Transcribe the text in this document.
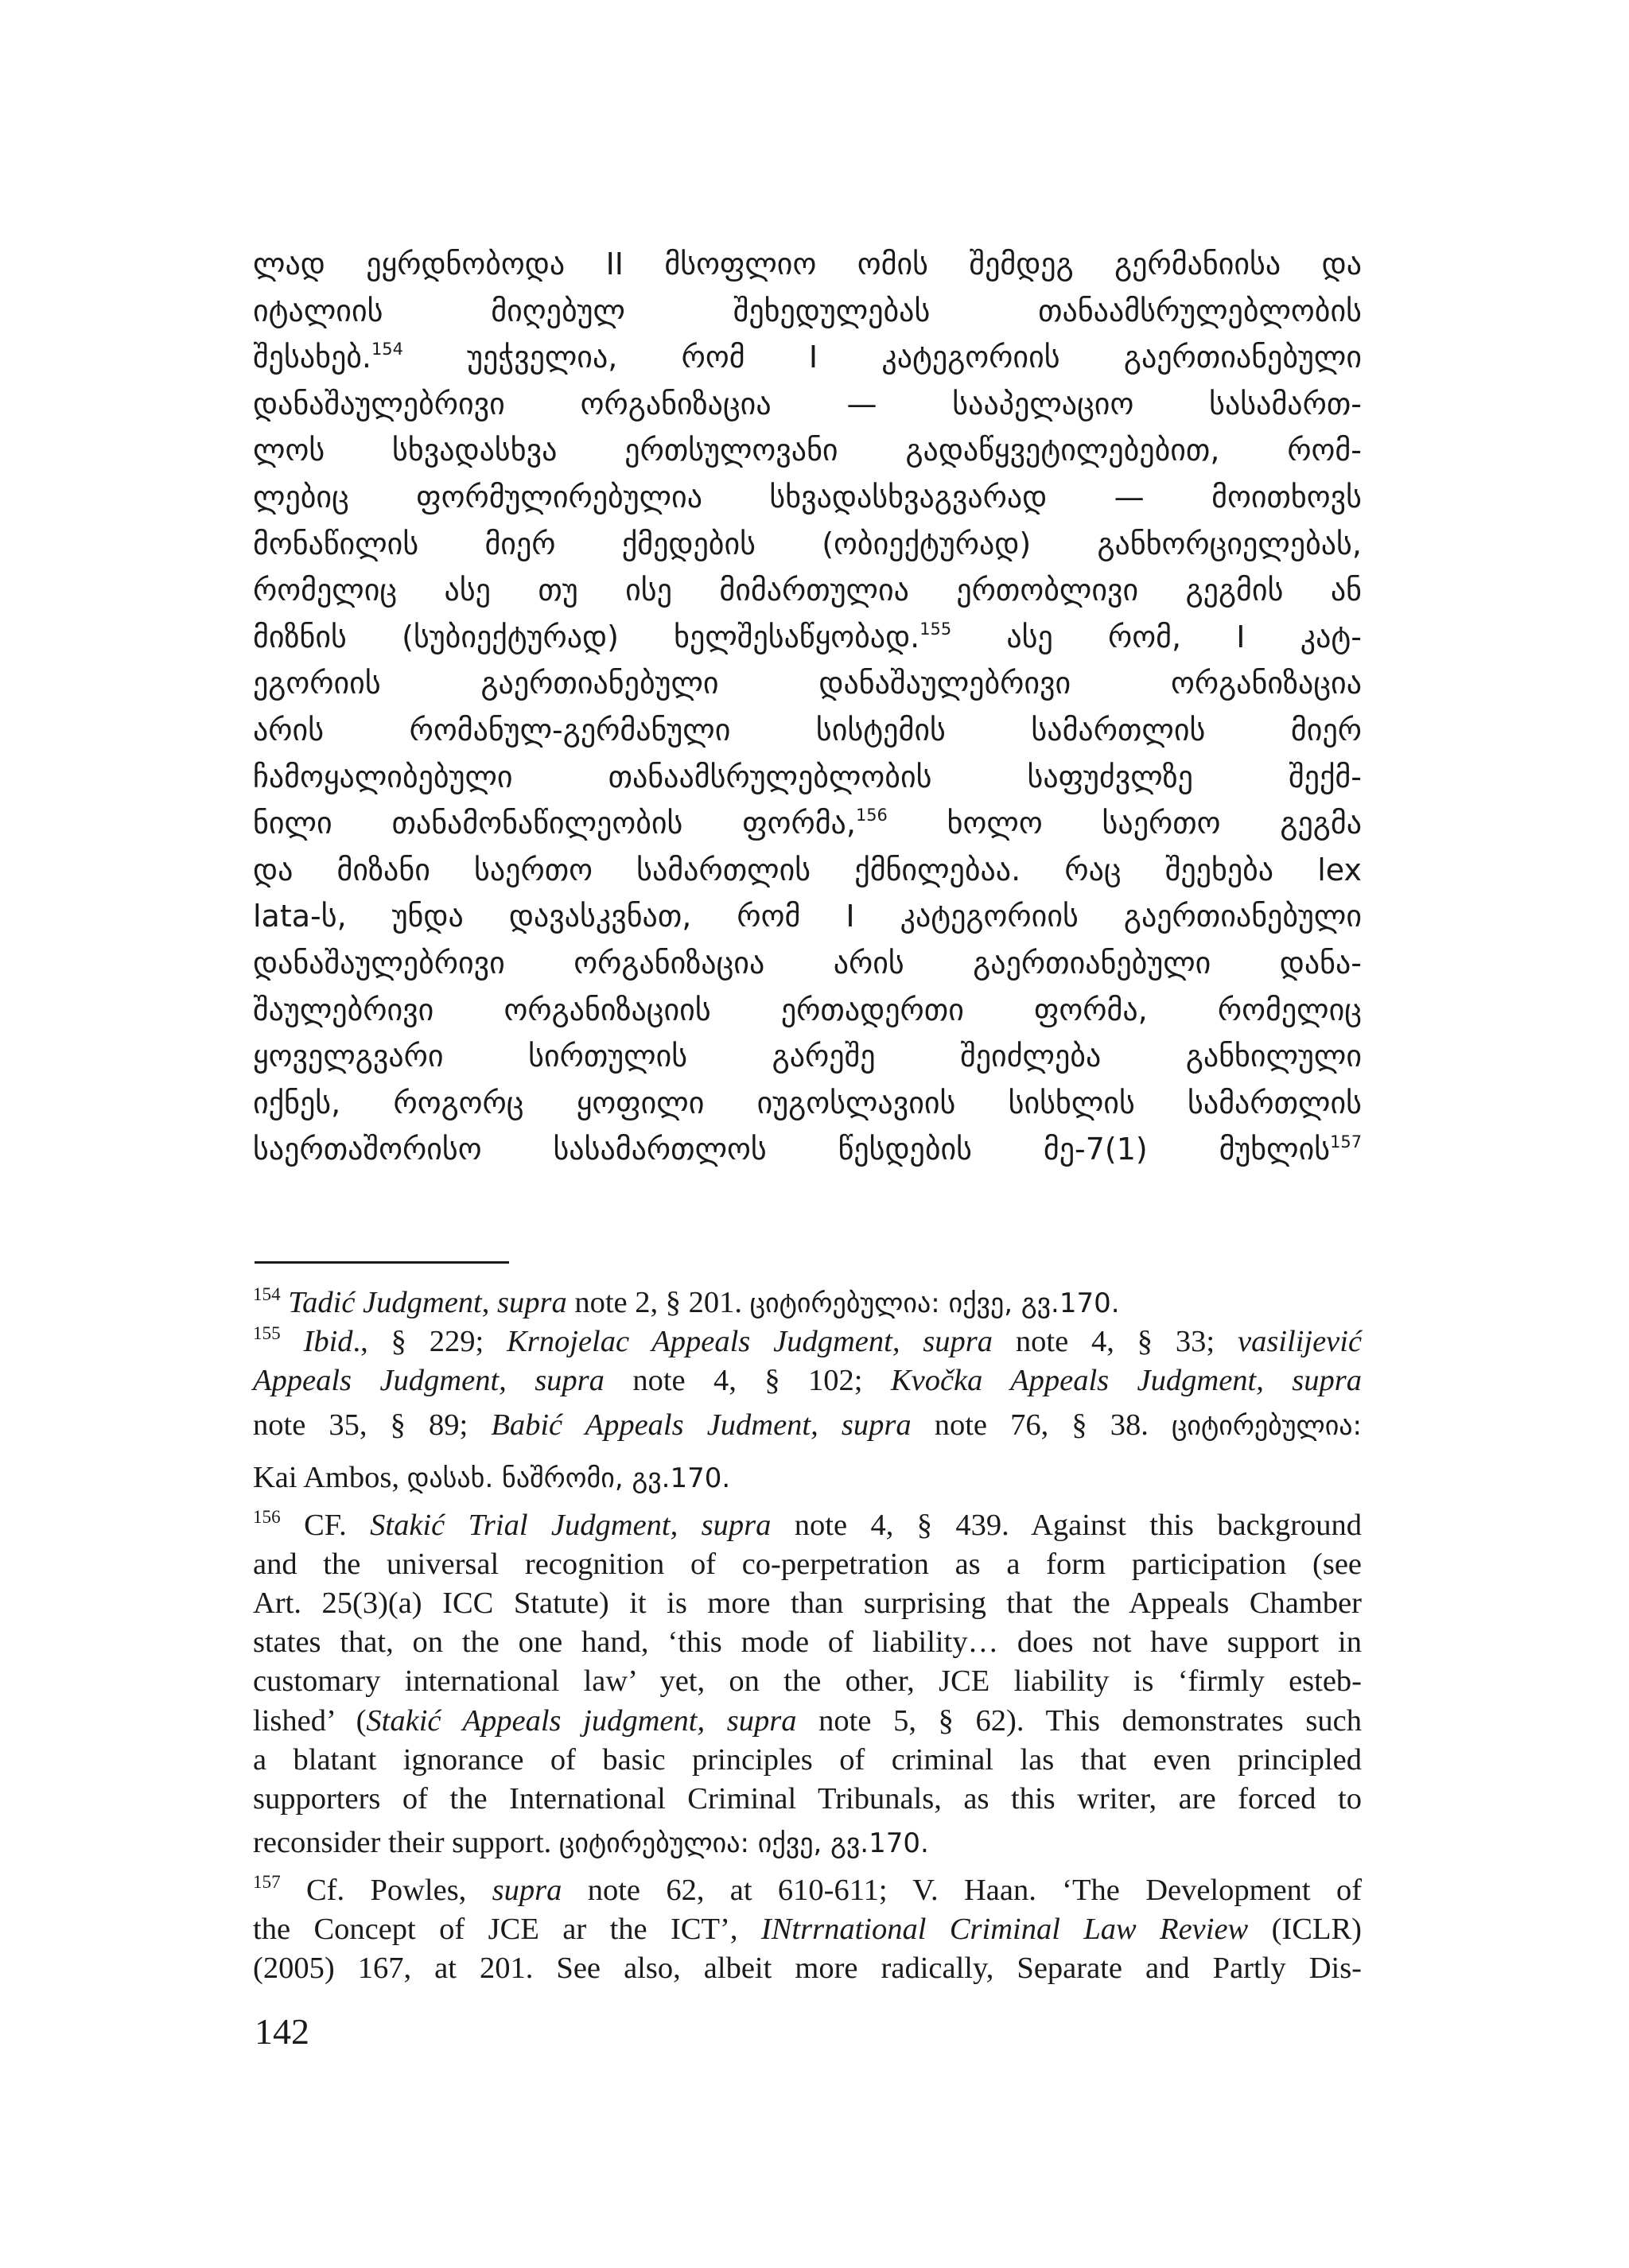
ლად ეყრდნობოდა II მსოფლიო ომის შემდეგ გერმანიისა და
იტალიის მიღებულ შეხედულებას თანაამსრულებლობის
შესახებ.$^{154}$ უეჭველია, რომ I კატეგორიის გაერთიანებული
დანაშაულებრივი ორგანიზაცია — სააპელაციო სასამართ-
ლოს სხვადასხვა ერთსულოვანი გადაწყვეტილებებით, რომ-
ლებიც ფორმულირებულია სხვადასხვაგვარად — მოითხოვს
მონაწილის მიერ ქმედების (ობიექტურად) განხორციელებას,
რომელიც ასე თუ ისე მიმართულია ერთობლივი გეგმის ან
მიზნის (სუბიექტურად) ხელშესაწყობად.$^{155}$ ასე რომ, I კატ-
ეგორიის გაერთიანებული დანაშაულებრივი ორგანიზაცია
არის რომანულ-გერმანული სისტემის სამართლის მიერ
ჩამოყალიბებული თანაამსრულებლობის საფუძვლზე შექმ-
ნილი თანამონაწილეობის ფორმა,$^{156}$ ხოლო საერთო გეგმა
და მიზანი საერთო სამართლის ქმნილებაა. რაც შეეხება lex
lata-ს, უნდა დავასკვნათ, რომ I კატეგორიის გაერთიანებული
დანაშაულებრივი ორგანიზაცია არის გაერთიანებული დანა-
შაულებრივი ორგანიზაციის ერთადერთი ფორმა, რომელიც
ყოველგვარი სირთულის გარეშე შეიძლება განხილული
იქნეს, როგორც ყოფილი იუგოსლავიის სისხლის სამართლის
საერთაშორისო სასამართლოს წესდების მე-7(1) მუხლის$^{157}$
$^{154}$ Tadić Judgment, supra note 2, § 201. ციტირებულია: იქვე, გვ.170.
$^{155}$ Ibid., § 229; Krnojelac Appeals Judgment, supra note 4, § 33; vasilijević
Appeals Judgment, supra note 4, § 102; Kvočka Appeals Judgment, supra
note 35, § 89; Babić Appeals Judment, supra note 76, § 38. ციტირებულია:
Kai Ambos, დასახ. ნაშრომი, გვ.170.
$^{156}$ CF. Stakić Trial Judgment, supra note 4, § 439. Against this background
and the universal recognition of co-perpetration as a form participation (see
Art. 25(3)(a) ICC Statute) it is more than surprising that the Appeals Chamber
states that, on the one hand, ‘this mode of liability… does not have support in
customary international law’ yet, on the other, JCE liability is ‘firmly esteb-
lished’ (Stakić Appeals judgment, supra note 5, § 62). This demonstrates such
a blatant ignorance of basic principles of criminal las that even principled
supporters of the International Criminal Tribunals, as this writer, are forced to
reconsider their support. ციტირებულია: იქვე, გვ.170.
$^{157}$ Cf. Powles, supra note 62, at 610-611; V. Haan. ‘The Development of
the Concept of JCE ar the ICT’, INtrrnational Criminal Law Review (ICLR)
(2005) 167, at 201. See also, albeit more radically, Separate and Partly Dis-
142
